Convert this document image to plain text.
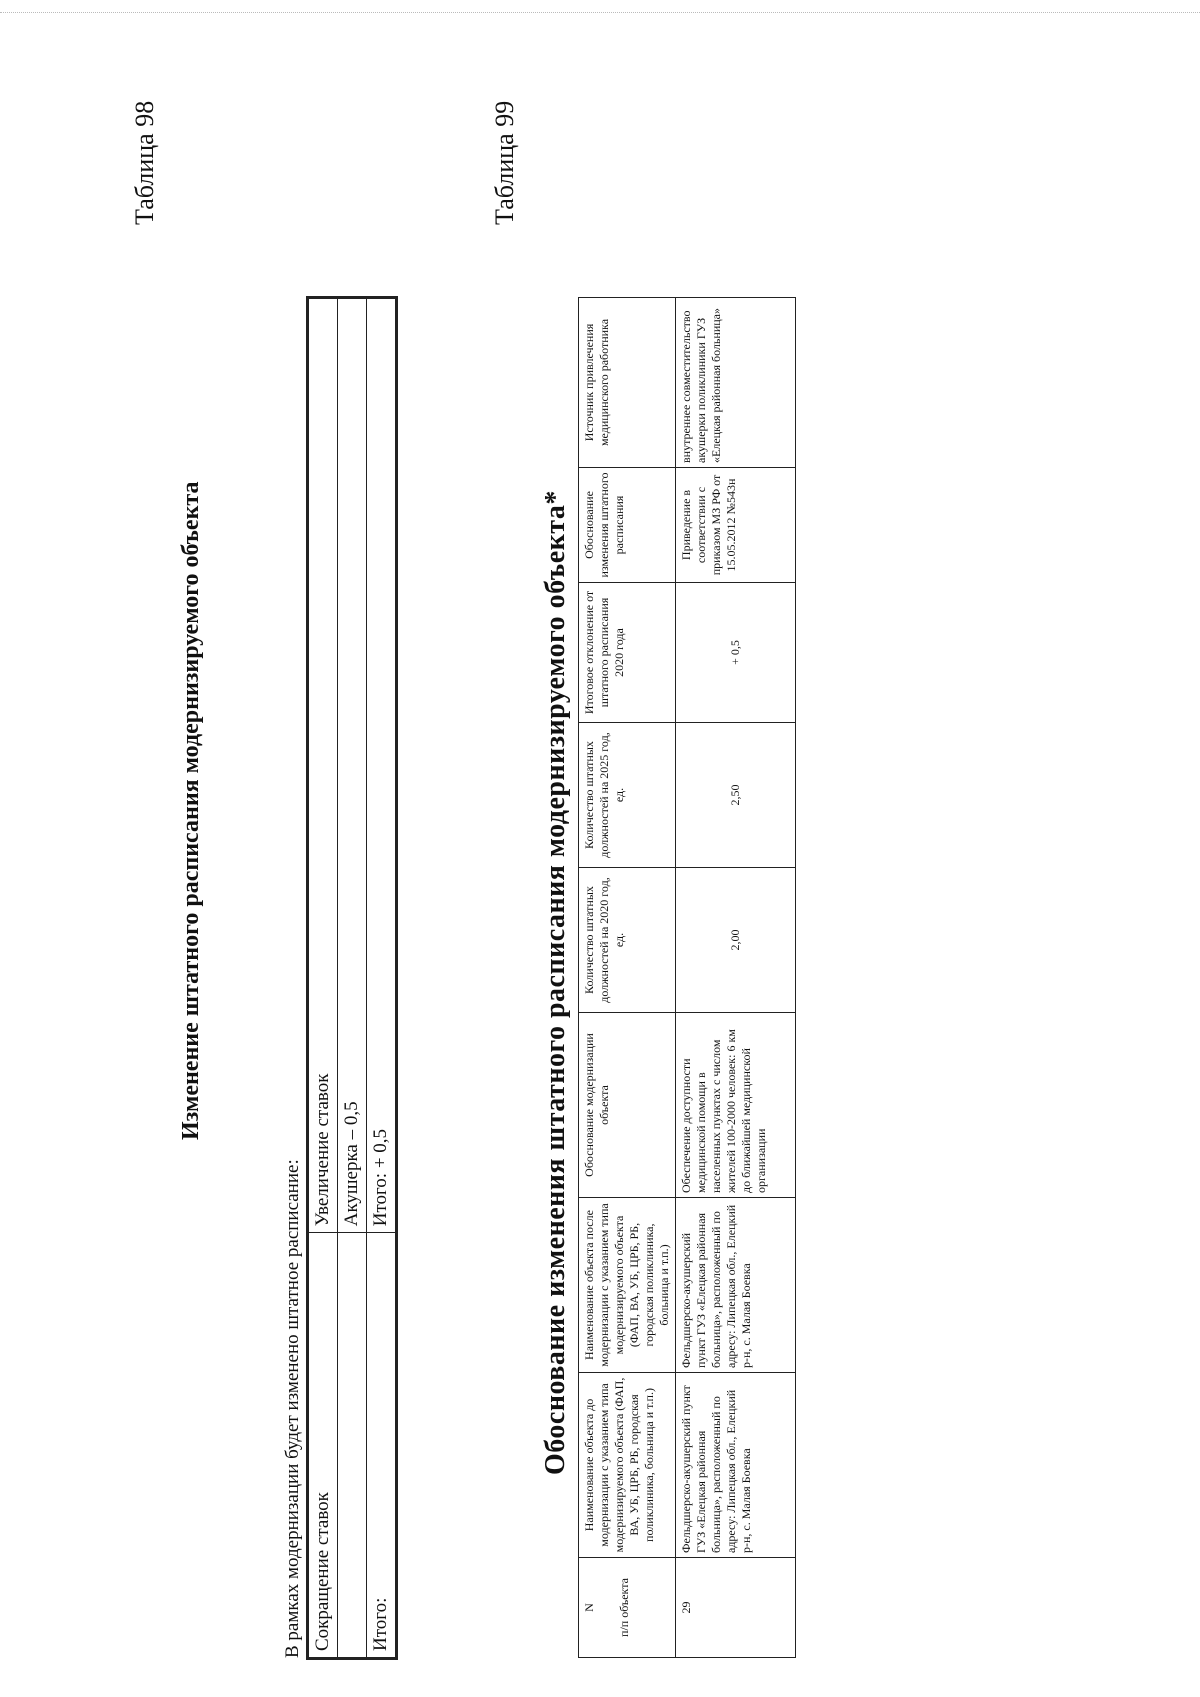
Таблица 98
Изменение штатного расписания модернизируемого объекта
В рамках модернизации будет изменено штатное расписание: Сокращение ставок	Увеличение ставок
	Акушерка – 0,5
Итого:	Итого: + 0,5
Таблица 99
Обоснование изменения штатного расписания модернизируемого объекта*
N п/п объекта	Наименование объекта до модернизации с указанием типа модернизируемого объекта (ФАП, ВА, УБ, ЦРБ, РБ, городская поликлиника, больница и т.п.)	Наименование объекта после модернизации с указанием типа модернизируемого объекта (ФАП, ВА, УБ, ЦРБ, РБ, городская поликлиника, больница и т.п.)	Обоснование модернизации объекта	Количество штатных должностей на 2020 год, ед.	Количество штатных должностей на 2025 год, ед.	Итоговое отклонение от штатного расписания 2020 года	Обоснование изменения штатного расписания	Источник привлечения медицинского работника
29	Фельдшерско-акушерский пункт ГУЗ «Елецкая районная больница», расположенный по адресу: Липецкая обл., Елецкий р-н, с. Малая Боевка	Фельдшерско-акушерский пункт ГУЗ «Елецкая районная больница», расположенный по адресу: Липецкая обл., Елецкий р-н, с. Малая Боевка	Обеспечение доступности медицинской помощи в населенных пунктах с числом жителей 100-2000 человек: 6 км до ближайшей медицинской организации	2,00	2,50	+ 0,5	Приведение в соответствии с приказом МЗ РФ от 15.05.2012 №543н	внутреннее совместительство акушерки поликлиники ГУЗ «Елецкая районная больница»
